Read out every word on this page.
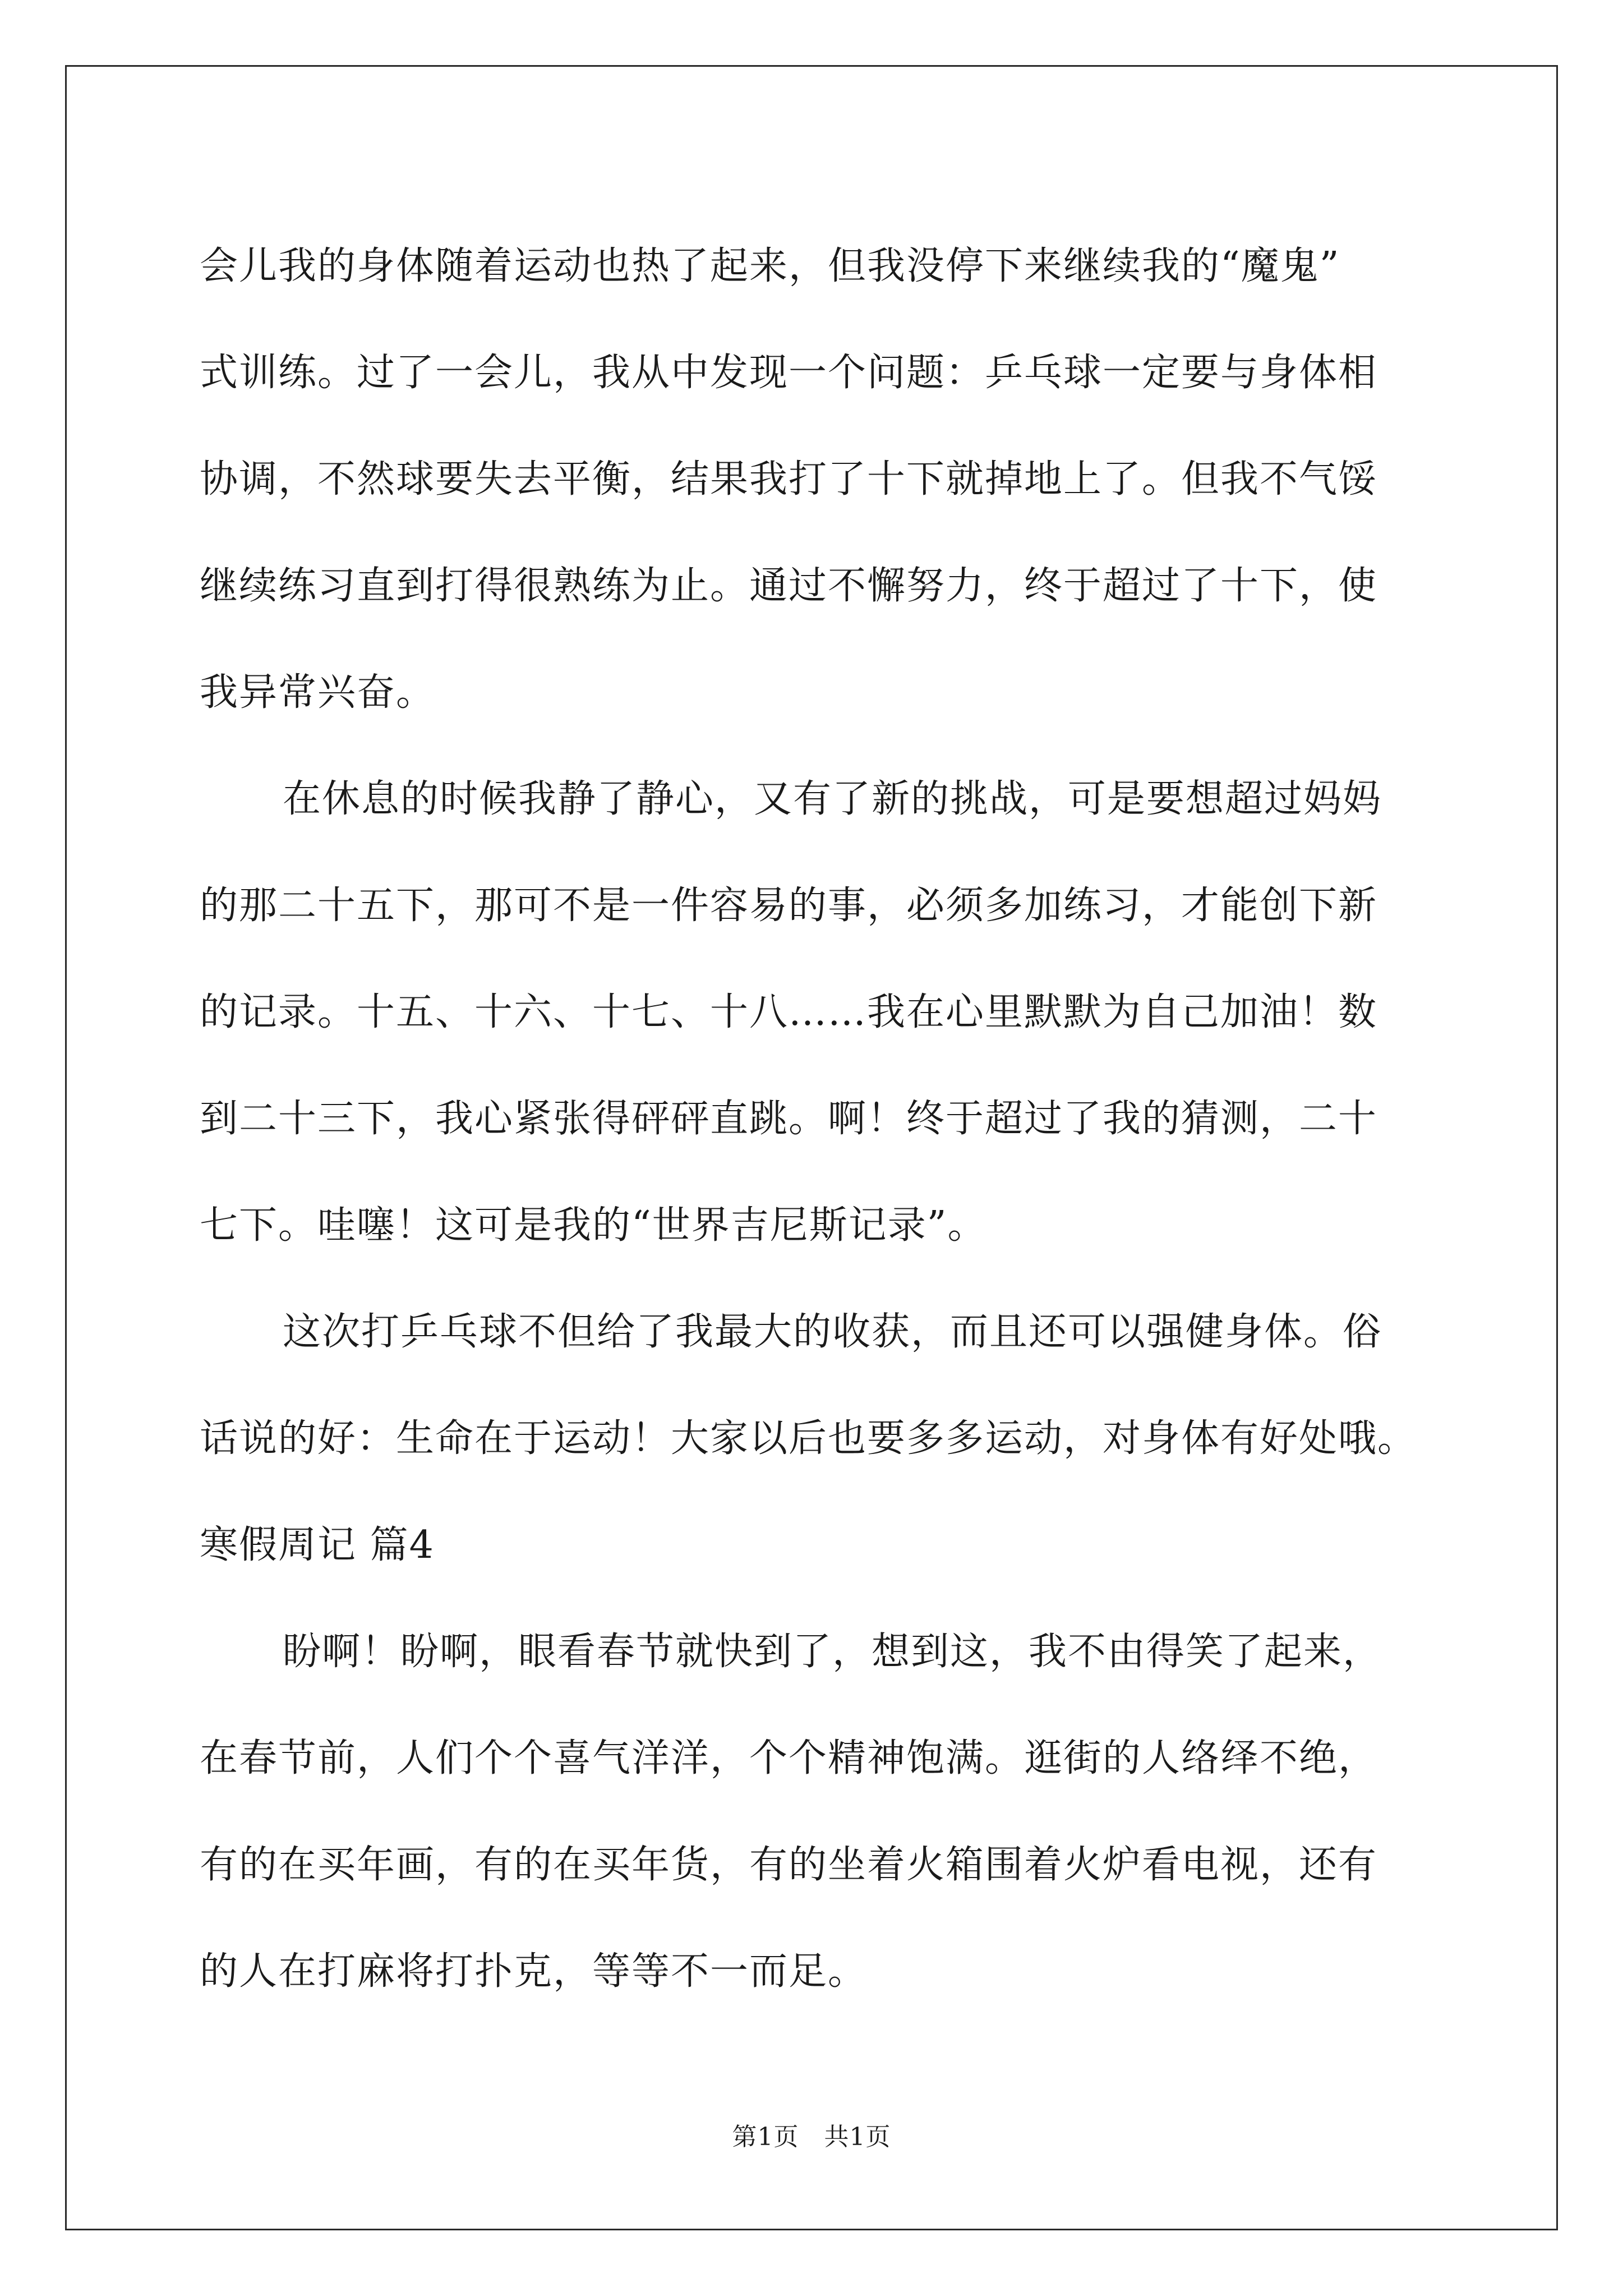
会儿我的身体随着运动也热了起来，但我没停下来继续我的“魔鬼”
式训练。过了一会儿，我从中发现一个问题：乒乓球一定要与身体相
协调，不然球要失去平衡，结果我打了十下就掉地上了。但我不气馁
继续练习直到打得很熟练为止。通过不懈努力，终于超过了十下，使
我异常兴奋。
在休息的时候我静了静心，又有了新的挑战，可是要想超过妈妈
的那二十五下，那可不是一件容易的事，必须多加练习，才能创下新
的记录。十五、十六、十七、十八……我在心里默默为自己加油！数
到二十三下，我心紧张得砰砰直跳。啊！终于超过了我的猜测，二十
七下。哇噻！这可是我的“世界吉尼斯记录”。
这次打乒乓球不但给了我最大的收获，而且还可以强健身体。俗
话说的好：生命在于运动！大家以后也要多多运动，对身体有好处哦。
寒假周记 篇4
盼啊！盼啊，眼看春节就快到了，想到这，我不由得笑了起来，
在春节前，人们个个喜气洋洋，个个精神饱满。逛街的人络绎不绝，
有的在买年画，有的在买年货，有的坐着火箱围着火炉看电视，还有
的人在打麻将打扑克，等等不一而足。
第1页　共1页
